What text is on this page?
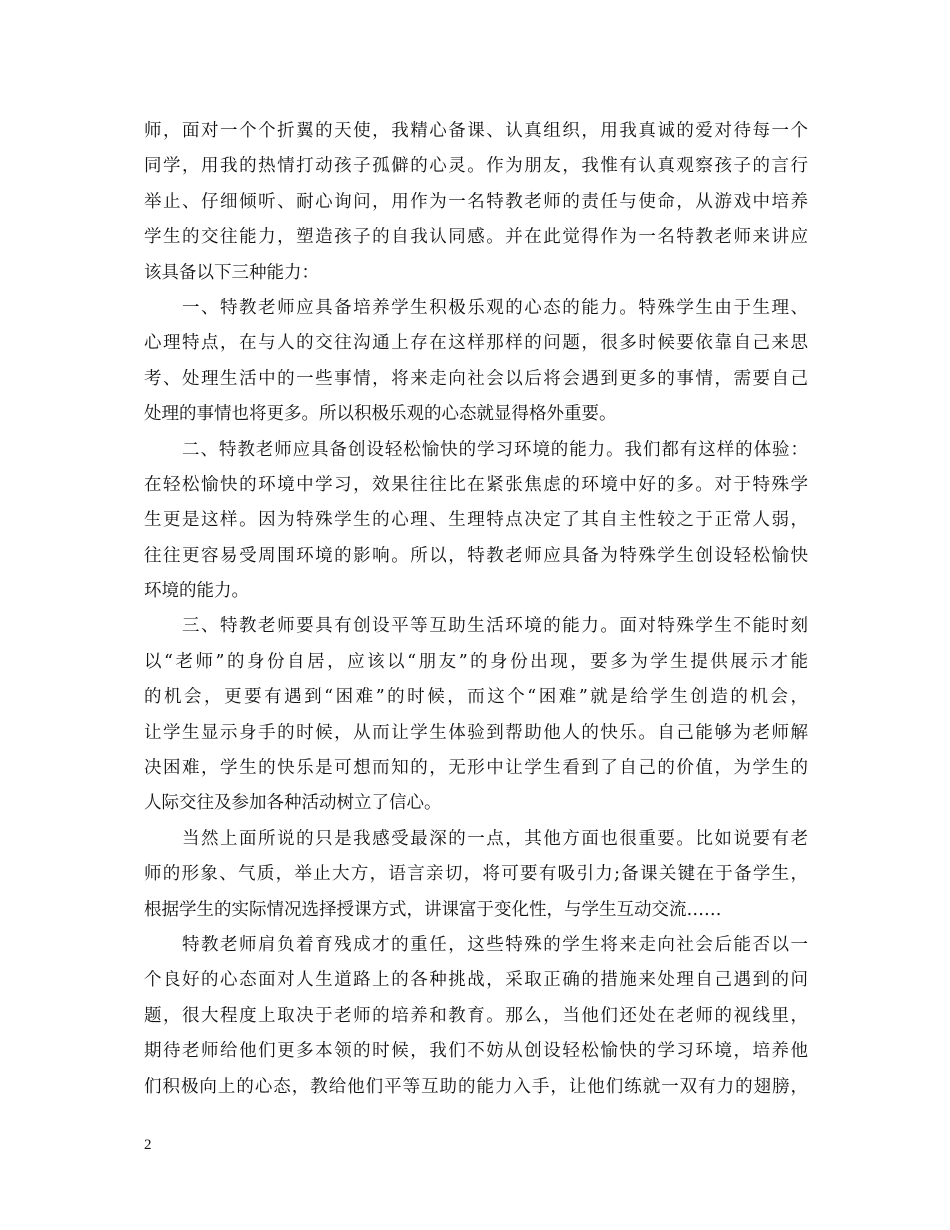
师，面对一个个折翼的天使，我精心备课、认真组织，用我真诚的爱对待每一个
同学，用我的热情打动孩子孤僻的心灵。作为朋友，我惟有认真观察孩子的言行
举止、仔细倾听、耐心询问，用作为一名特教老师的责任与使命，从游戏中培养
学生的交往能力，塑造孩子的自我认同感。并在此觉得作为一名特教老师来讲应
该具备以下三种能力：
一、特教老师应具备培养学生积极乐观的心态的能力。特殊学生由于生理、
心理特点，在与人的交往沟通上存在这样那样的问题，很多时候要依靠自己来思
考、处理生活中的一些事情，将来走向社会以后将会遇到更多的事情，需要自己
处理的事情也将更多。所以积极乐观的心态就显得格外重要。
二、特教老师应具备创设轻松愉快的学习环境的能力。我们都有这样的体验：
在轻松愉快的环境中学习，效果往往比在紧张焦虑的环境中好的多。对于特殊学
生更是这样。因为特殊学生的心理、生理特点决定了其自主性较之于正常人弱，
往往更容易受周围环境的影响。所以，特教老师应具备为特殊学生创设轻松愉快
环境的能力。
三、特教老师要具有创设平等互助生活环境的能力。面对特殊学生不能时刻
以“老师”的身份自居，应该以“朋友”的身份出现，要多为学生提供展示才能
的机会，更要有遇到“困难”的时候，而这个“困难”就是给学生创造的机会，
让学生显示身手的时候，从而让学生体验到帮助他人的快乐。自己能够为老师解
决困难，学生的快乐是可想而知的，无形中让学生看到了自己的价值，为学生的
人际交往及参加各种活动树立了信心。
当然上面所说的只是我感受最深的一点，其他方面也很重要。比如说要有老
师的形象、气质，举止大方，语言亲切，将可要有吸引力;备课关键在于备学生，
根据学生的实际情况选择授课方式，讲课富于变化性，与学生互动交流……
特教老师肩负着育残成才的重任，这些特殊的学生将来走向社会后能否以一
个良好的心态面对人生道路上的各种挑战，采取正确的措施来处理自己遇到的问
题，很大程度上取决于老师的培养和教育。那么，当他们还处在老师的视线里，
期待老师给他们更多本领的时候，我们不妨从创设轻松愉快的学习环境，培养他
们积极向上的心态，教给他们平等互助的能力入手，让他们练就一双有力的翅膀，
2
